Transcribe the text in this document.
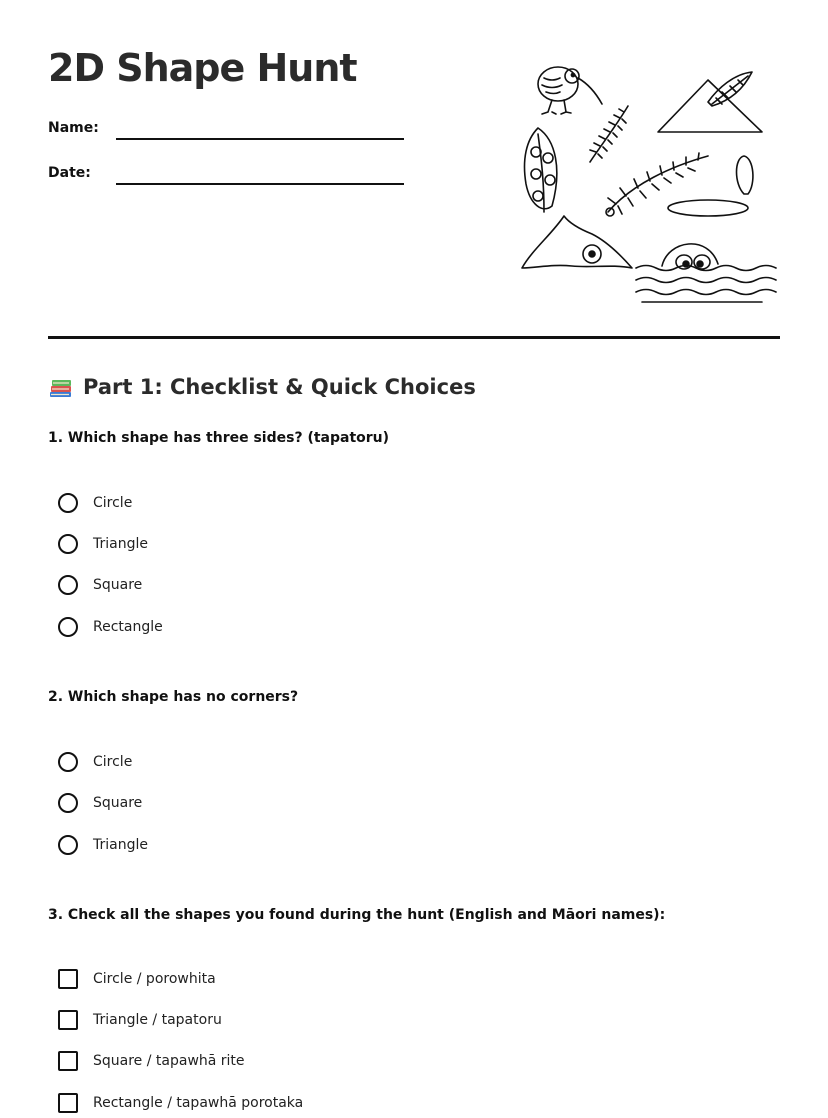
2D Shape Hunt
Name:
Date:
Part 1: Checklist & Quick Choices

1. Which shape has three sides? (tapatoru)

Circle
Triangle
Square
Rectangle

2. Which shape has no corners?

Circle
Square
Triangle

3. Check all the shapes you found during the hunt (English and Māori names):

Circle / porowhita
Triangle / tapatoru
Square / tapawhā rite
Rectangle / tapawhā porotaka
